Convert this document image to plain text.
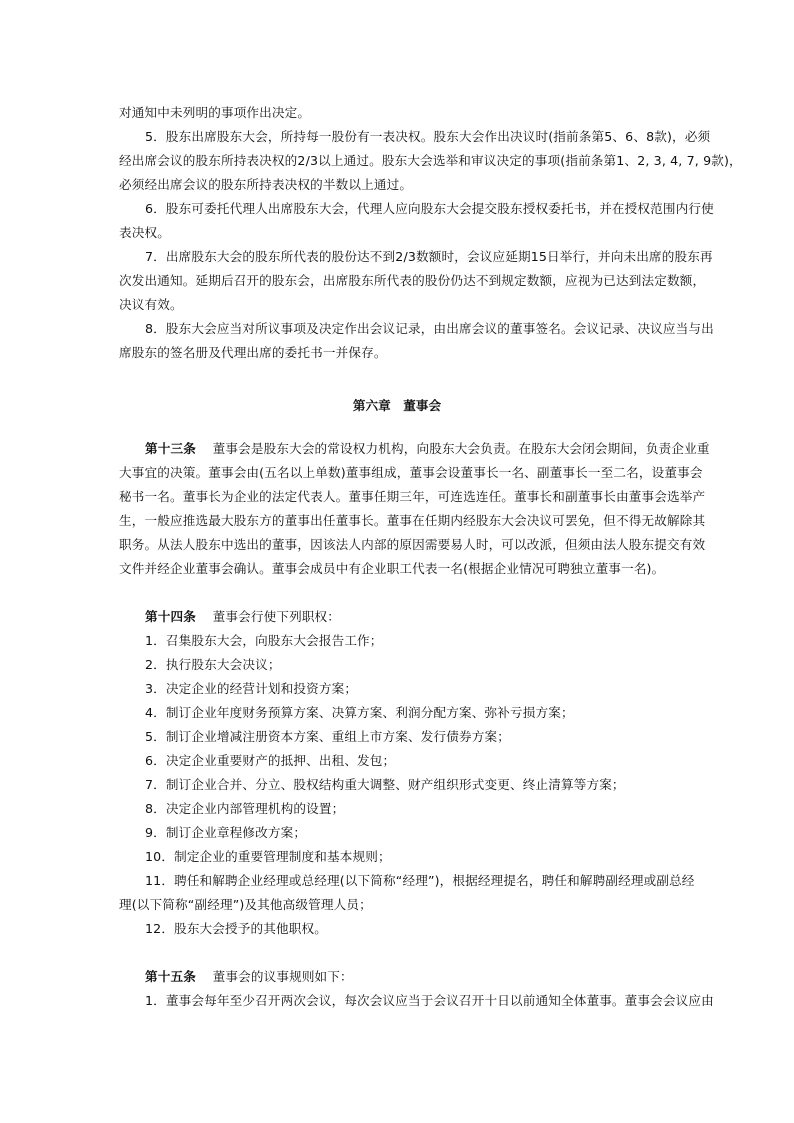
对通知中未列明的事项作出决定。
5．股东出席股东大会，所持每一股份有一表决权。股东大会作出决议时(指前条第5、6、8款)，必须
经出席会议的股东所持表决权的2/3以上通过。股东大会选举和审议决定的事项(指前条第1、2, 3, 4, 7, 9款)，
必须经出席会议的股东所持表决权的半数以上通过。
6．股东可委托代理人出席股东大会，代理人应向股东大会提交股东授权委托书，并在授权范围内行使
表决权。
7．出席股东大会的股东所代表的股份达不到2/3数额时，会议应延期15日举行，并向未出席的股东再
次发出通知。延期后召开的股东会，出席股东所代表的股份仍达不到规定数额，应视为已达到法定数额，
决议有效。
8．股东大会应当对所议事项及决定作出会议记录，由出席会议的董事签名。会议记录、决议应当与出
席股东的签名册及代理出席的委托书一并保存。
第六章　董事会
第十三条 董事会是股东大会的常设权力机构，向股东大会负责。在股东大会闭会期间，负责企业重
大事宜的决策。董事会由(五名以上单数)董事组成，董事会设董事长一名、副董事长一至二名，设董事会
秘书一名。董事长为企业的法定代表人。董事任期三年，可连选连任。董事长和副董事长由董事会选举产
生，一般应推选最大股东方的董事出任董事长。董事在任期内经股东大会决议可罢免，但不得无故解除其
职务。从法人股东中选出的董事，因该法人内部的原因需要易人时，可以改派，但须由法人股东提交有效
文件并经企业董事会确认。董事会成员中有企业职工代表一名(根据企业情况可聘独立董事一名)。
第十四条 董事会行使下列职权：
1．召集股东大会，向股东大会报告工作；
2．执行股东大会决议；
3．决定企业的经营计划和投资方案；
4．制订企业年度财务预算方案、决算方案、利润分配方案、弥补亏损方案；
5．制订企业增减注册资本方案、重组上市方案、发行债券方案；
6．决定企业重要财产的抵押、出租、发包；
7．制订企业合并、分立、股权结构重大调整、财产组织形式变更、终止清算等方案；
8．决定企业内部管理机构的设置；
9．制订企业章程修改方案；
10．制定企业的重要管理制度和基本规则；
11．聘任和解聘企业经理或总经理(以下简称“经理”)，根据经理提名，聘任和解聘副经理或副总经
理(以下简称“副经理”)及其他高级管理人员；
12．股东大会授予的其他职权。
第十五条 董事会的议事规则如下：
1．董事会每年至少召开两次会议，每次会议应当于会议召开十日以前通知全体董事。董事会会议应由
